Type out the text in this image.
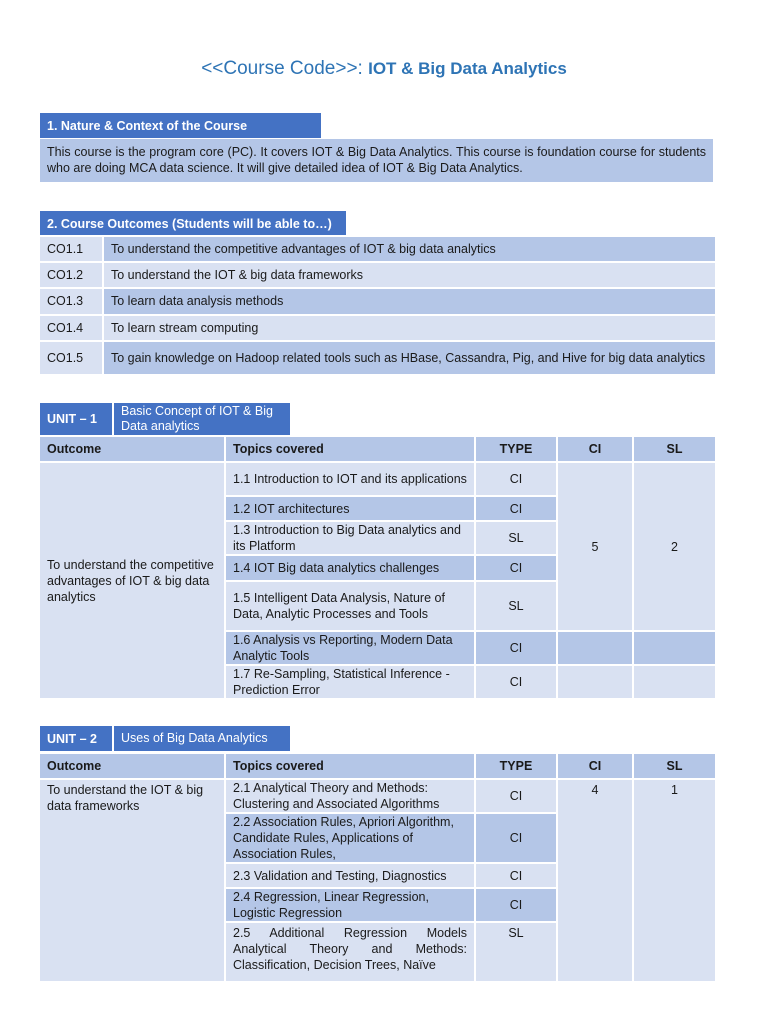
<<Course Code>>: IOT & Big Data Analytics
1. Nature & Context of the Course
This course is the program core (PC). It covers IOT & Big Data Analytics. This course is foundation course for students who are doing MCA data science. It will give detailed idea of IOT & Big Data Analytics.
2. Course Outcomes (Students will be able to…)
CO1.1	To understand the competitive advantages of IOT & big data analytics
CO1.2	To understand the IOT & big data frameworks
CO1.3	To learn data analysis methods
CO1.4	To learn stream computing
CO1.5	To gain knowledge on Hadoop related tools such as HBase, Cassandra, Pig, and Hive for big data analytics
UNIT – 1
Basic Concept of IOT & Big Data analytics
Outcome	Topics covered	TYPE	CI	SL
To understand the competitive advantages of IOT & big data analytics	1.1 Introduction to IOT and its applications	CI	5	2
	1.2 IOT architectures	CI		
	1.3 Introduction to Big Data analytics and its Platform	SL		
	1.4 IOT Big data analytics challenges	CI		
	1.5 Intelligent Data Analysis, Nature of Data, Analytic Processes and Tools	SL		
	1.6 Analysis vs Reporting, Modern Data Analytic Tools	CI		
	1.7 Re-Sampling, Statistical Inference - Prediction Error	CI		
UNIT – 2	Uses of Big Data Analytics
Outcome	Topics covered	TYPE	CI	SL
To understand the IOT & big data frameworks	2.1 Analytical Theory and Methods: Clustering and Associated Algorithms	CI	4	1
	2.2 Association Rules, Apriori Algorithm, Candidate Rules, Applications of Association Rules,	CI		
	2.3 Validation and Testing, Diagnostics	CI		
	2.4 Regression, Linear Regression, Logistic Regression	CI		
	2.5 Additional Regression Models Analytical Theory and Methods: Classification, Decision Trees, Naïve	SL		
